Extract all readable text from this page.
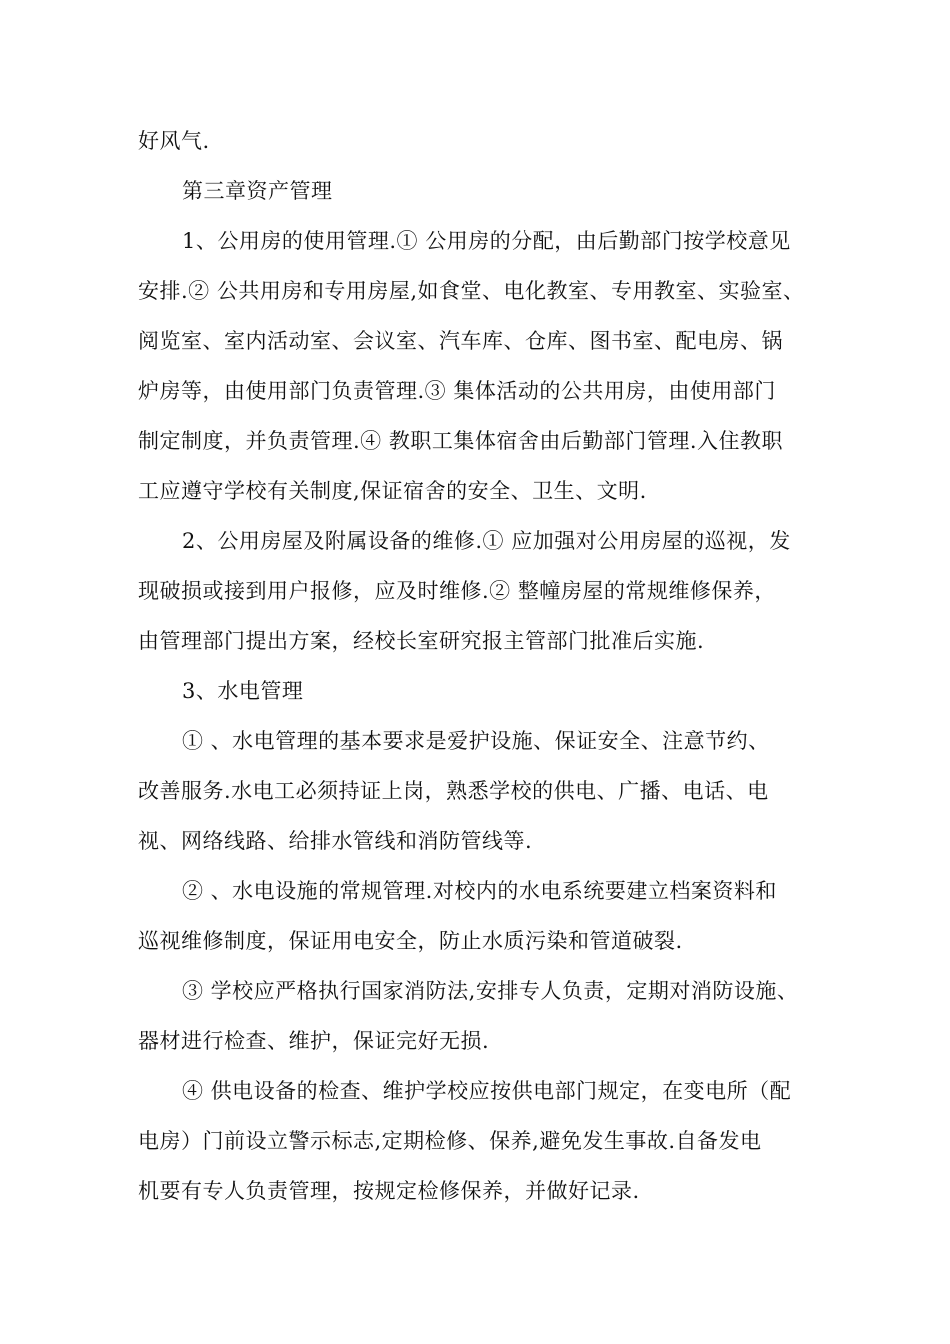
好风气.
第三章资产管理
1、公用房的使用管理.① 公用房的分配，由后勤部门按学校意见
安排.② 公共用房和专用房屋,如食堂、电化教室、专用教室、实验室、
阅览室、室内活动室、会议室、汽车库、仓库、图书室、配电房、锅
炉房等，由使用部门负责管理.③ 集体活动的公共用房，由使用部门
制定制度，并负责管理.④ 教职工集体宿舍由后勤部门管理.入住教职
工应遵守学校有关制度,保证宿舍的安全、卫生、文明.
2、公用房屋及附属设备的维修.① 应加强对公用房屋的巡视，发
现破损或接到用户报修，应及时维修.② 整幢房屋的常规维修保养，
由管理部门提出方案，经校长室研究报主管部门批准后实施.
3、水电管理
① 、水电管理的基本要求是爱护设施、保证安全、注意节约、
改善服务.水电工必须持证上岗，熟悉学校的供电、广播、电话、电
视、网络线路、给排水管线和消防管线等.
② 、水电设施的常规管理.对校内的水电系统要建立档案资料和
巡视维修制度，保证用电安全，防止水质污染和管道破裂.
③ 学校应严格执行国家消防法,安排专人负责，定期对消防设施、
器材进行检查、维护，保证完好无损.
④ 供电设备的检查、维护学校应按供电部门规定，在变电所（配
电房）门前设立警示标志,定期检修、保养,避免发生事故.自备发电
机要有专人负责管理，按规定检修保养，并做好记录.
